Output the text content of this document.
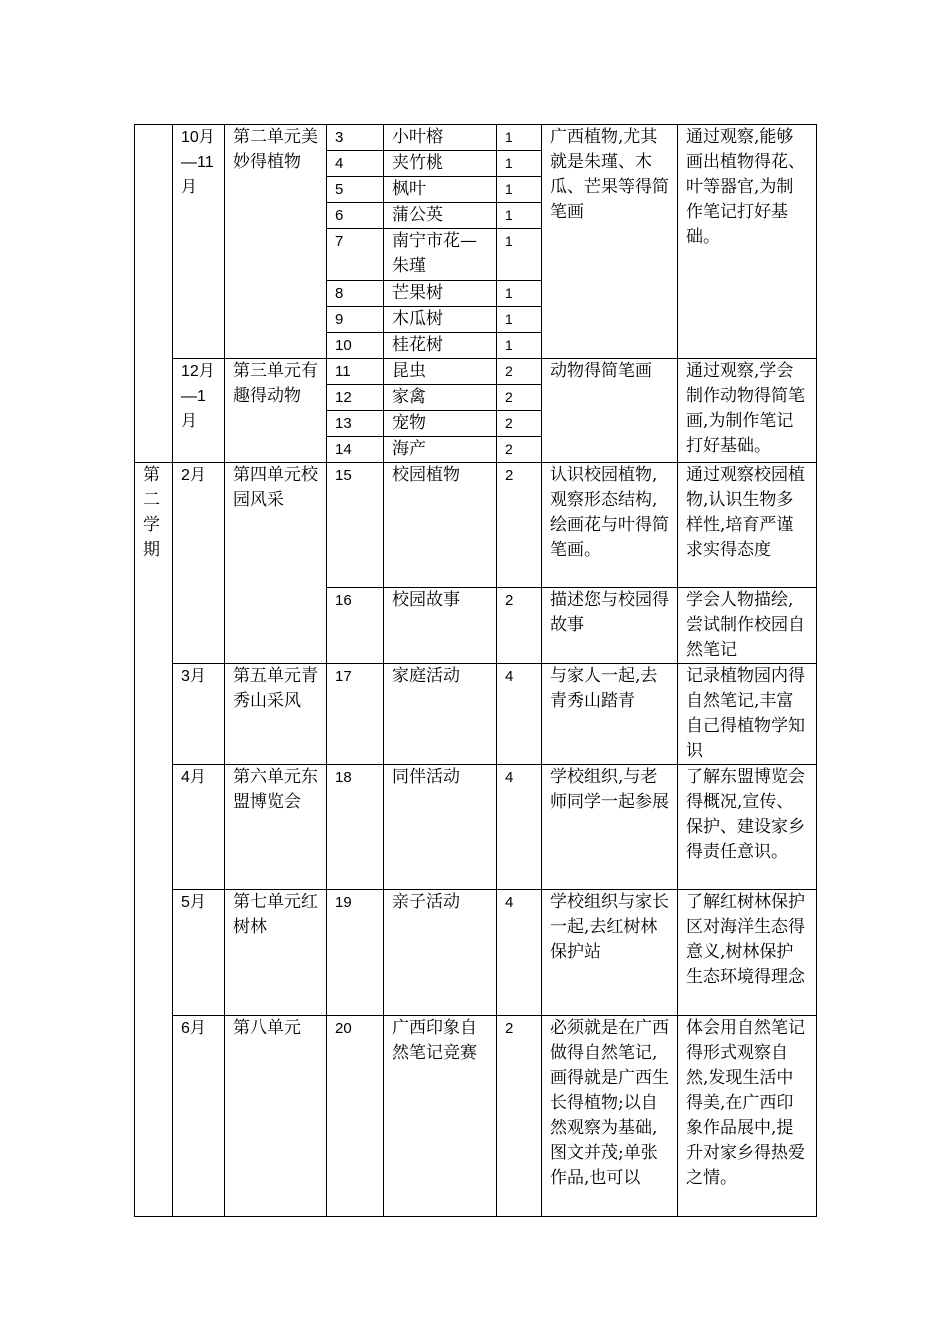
	10月—11月	第二单元美妙得植物	3	小叶榕	1	广西植物,尤其就是朱瑾、木瓜、芒果等得简笔画	通过观察,能够画出植物得花、叶等器官,为制作笔记打好基础。
			4	夹竹桃	1		
			5	枫叶	1		
			6	蒲公英	1		
			7	南宁市花—朱瑾	1		
			8	芒果树	1		
			9	木瓜树	1		
			10	桂花树	1		
	12月—1月	第三单元有趣得动物	11	昆虫	2	动物得简笔画	通过观察,学会制作动物得简笔画,为制作笔记打好基础。
			12	家禽	2		
			13	宠物	2		
			14	海产	2		
第二学期	2月	第四单元校园风采	15	校园植物	2	认识校园植物,观察形态结构,绘画花与叶得简笔画。	通过观察校园植物,认识生物多样性,培育严谨求实得态度
			16	校园故事	2	描述您与校园得故事	学会人物描绘,尝试制作校园自然笔记
	3月	第五单元青秀山采风	17	家庭活动	4	与家人一起,去青秀山踏青	记录植物园内得自然笔记,丰富自己得植物学知识
	4月	第六单元东盟博览会	18	同伴活动	4	学校组织,与老师同学一起参展	了解东盟博览会得概况,宣传、保护、建设家乡得责任意识。
	5月	第七单元红树林	19	亲子活动	4	学校组织与家长一起,去红树林保护站	了解红树林保护区对海洋生态得意义,树林保护生态环境得理念
	6月	第八单元	20	广西印象自然笔记竞赛	2	必须就是在广西做得自然笔记,画得就是广西生长得植物;以自然观察为基础,图文并茂;单张作品,也可以	体会用自然笔记得形式观察自然,发现生活中得美,在广西印象作品展中,提升对家乡得热爱之情。
